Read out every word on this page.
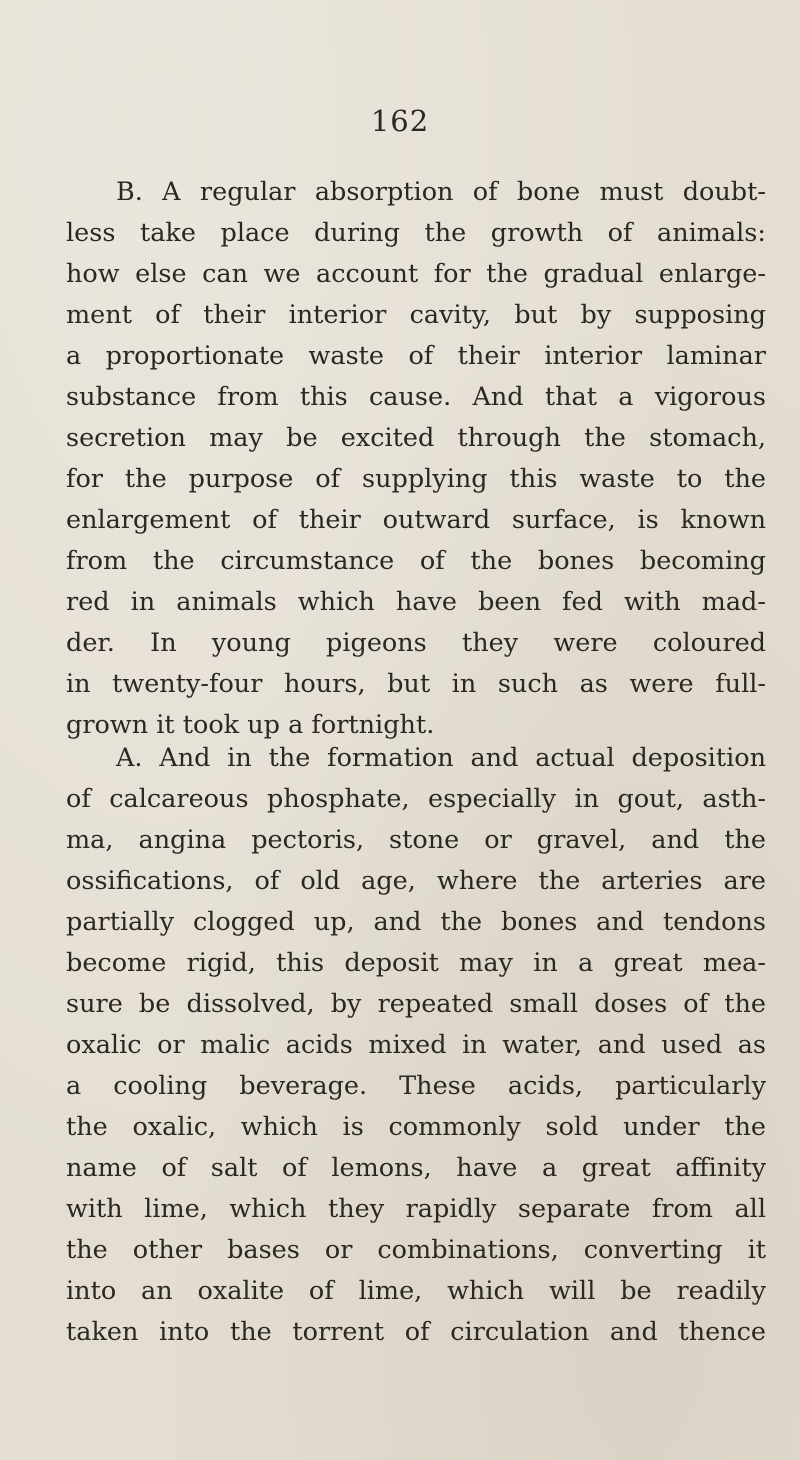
162
B. A regular absorption of bone must doubt-
less take place during the growth of animals:
how else can we account for the gradual enlarge-
ment of their interior cavity, but by supposing
a proportionate waste of their interior laminar
substance from this cause. And that a vigorous
secretion may be excited through the stomach,
for the purpose of supplying this waste to the
enlargement of their outward surface, is known
from the circumstance of the bones becoming
red in animals which have been fed with mad-
der. In young pigeons they were coloured
in twenty-four hours, but in such as were full-
grown it took up a fortnight.
A. And in the formation and actual deposition
of calcareous phosphate, especially in gout, asth-
ma, angina pectoris, stone or gravel, and the
ossifications, of old age, where the arteries are
partially clogged up, and the bones and tendons
become rigid, this deposit may in a great mea-
sure be dissolved, by repeated small doses of the
oxalic or malic acids mixed in water, and used as
a cooling beverage. These acids, particularly
the oxalic, which is commonly sold under the
name of salt of lemons, have a great affinity
with lime, which they rapidly separate from all
the other bases or combinations, converting it
into an oxalite of lime, which will be readily
taken into the torrent of circulation and thence
